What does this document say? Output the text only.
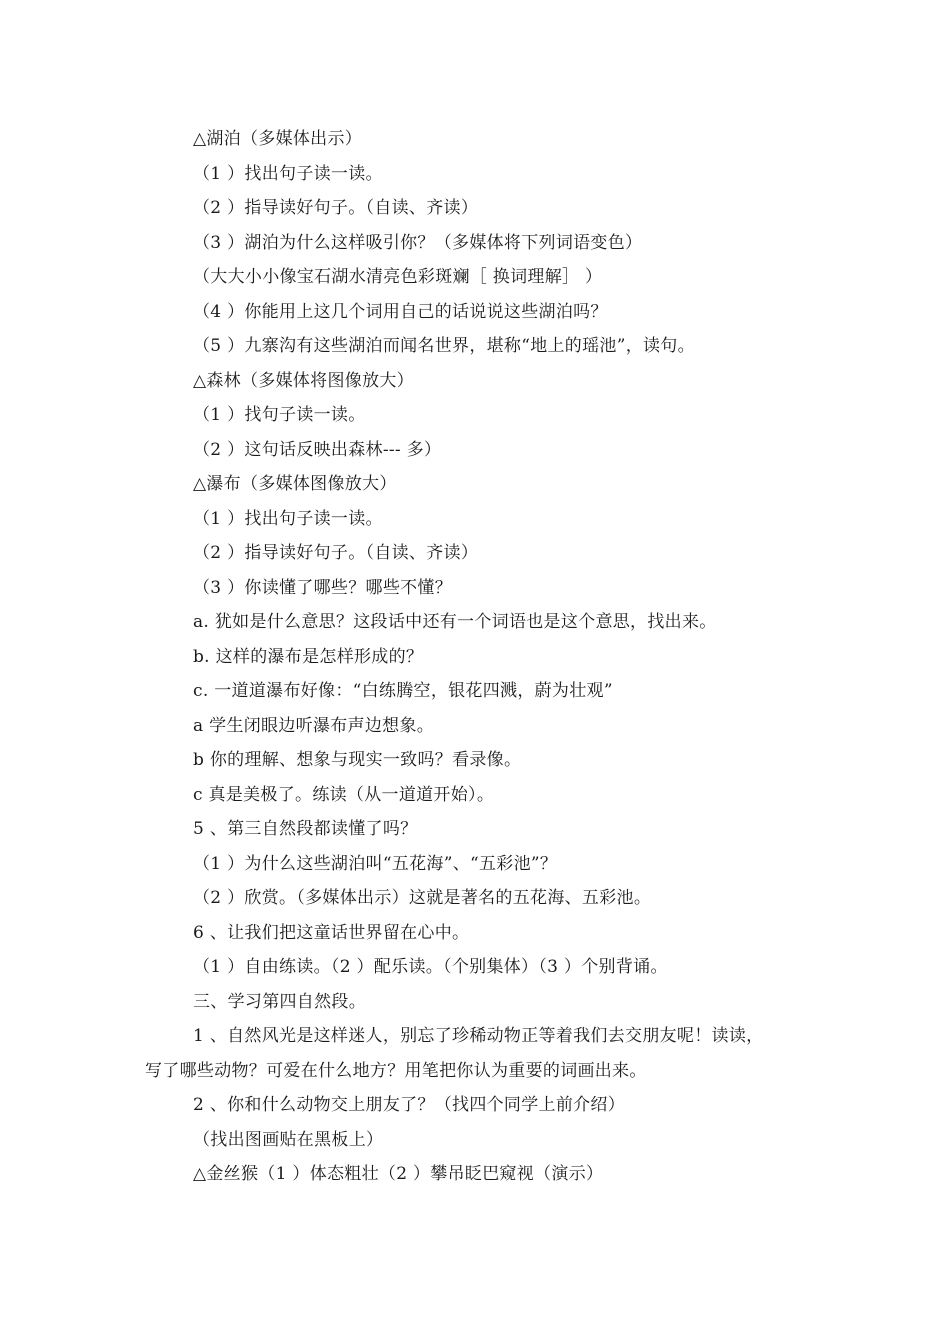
△湖泊（多媒体出示）
（1 ）找出句子读一读。
（2 ）指导读好句子。（自读、齐读）
（3 ）湖泊为什么这样吸引你？（多媒体将下列词语变色）
（大大小小像宝石湖水清亮色彩斑斓［ 换词理解］ ）
（4 ）你能用上这几个词用自己的话说说这些湖泊吗？
（5 ）九寨沟有这些湖泊而闻名世界，堪称“地上的瑶池”，读句。
△森林（多媒体将图像放大）
（1 ）找句子读一读。
（2 ）这句话反映出森林--- 多）
△瀑布（多媒体图像放大）
（1 ）找出句子读一读。
（2 ）指导读好句子。（自读、齐读）
（3 ）你读懂了哪些？哪些不懂？
a. 犹如是什么意思？这段话中还有一个词语也是这个意思，找出来。
b. 这样的瀑布是怎样形成的？
c. 一道道瀑布好像：“白练腾空，银花四溅，蔚为壮观”
a 学生闭眼边听瀑布声边想象。
b 你的理解、想象与现实一致吗？看录像。
c 真是美极了。练读（从一道道开始）。
5 、第三自然段都读懂了吗？
（1 ）为什么这些湖泊叫“五花海”、“五彩池”？
（2 ）欣赏。（多媒体出示）这就是著名的五花海、五彩池。
6 、让我们把这童话世界留在心中。
（1 ）自由练读。（2 ）配乐读。（个别集体）（3 ）个别背诵。
三、学习第四自然段。
1 、自然风光是这样迷人，别忘了珍稀动物正等着我们去交朋友呢！读读，
写了哪些动物？可爱在什么地方？用笔把你认为重要的词画出来。
2 、你和什么动物交上朋友了？（找四个同学上前介绍）
（找出图画贴在黑板上）
△金丝猴（1 ）体态粗壮（2 ）攀吊眨巴窥视（演示）
